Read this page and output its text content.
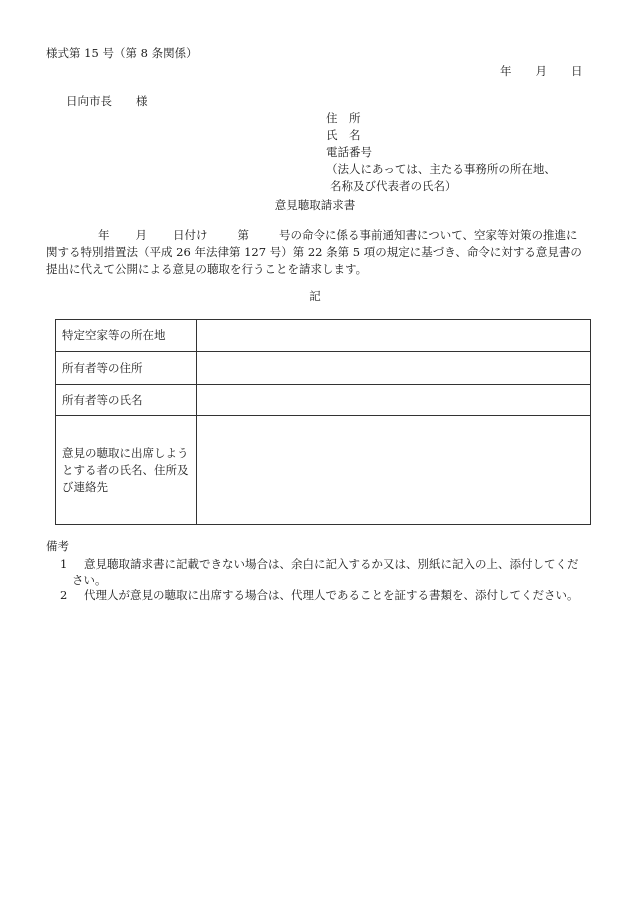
様式第 15 号（第 8 条関係）
年 月 日
日向市長 様
住　所
氏　名
電話番号
（法人にあっては、主たる事務所の所在地、
名称及び代表者の氏名）
意見聴取請求書
年 月 日付け	第	号の命令に係る事前通知書について、空家等対策の推進に関する特別措置法（平成 26 年法律第 127 号）第 22 条第 5 項の規定に基づき、命令に対する意見書の提出に代えて公開による意見の聴取を行うことを請求します。
記
特定空家等の所在地	
所有者等の住所	
所有者等の氏名	
意見の聴取に出席しようとする者の氏名、住所及び連絡先	
備考
1 意見聴取請求書に記載できない場合は、余白に記入するか又は、別紙に記入の上、添付してくだ
さい。
2 代理人が意見の聴取に出席する場合は、代理人であることを証する書類を、添付してください。
